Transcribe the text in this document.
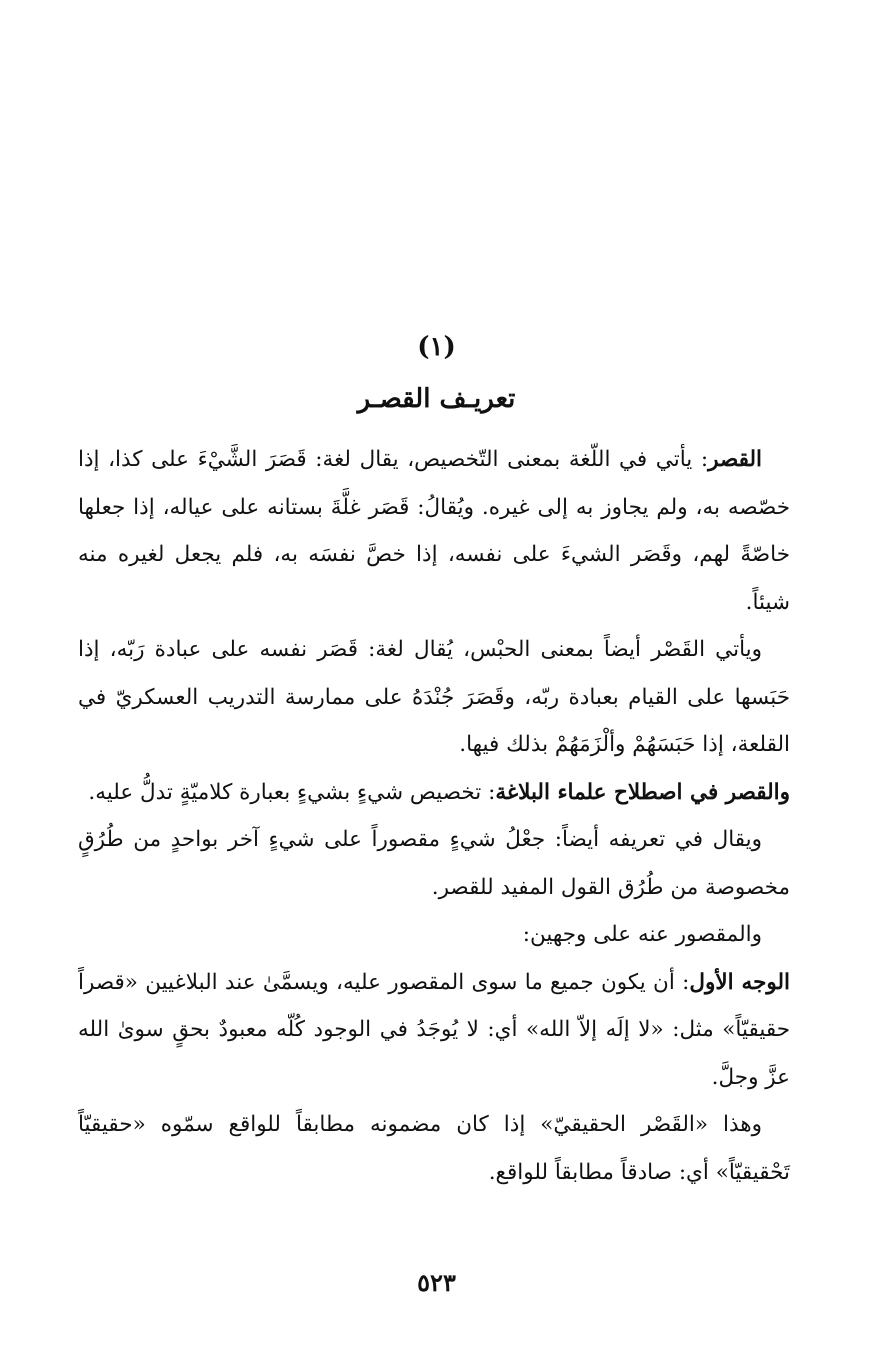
(١)
تعريـف القصـر

القصر: يأتي في اللّغة بمعنى التّخصيص، يقال لغة: قَصَرَ الشَّيْءَ على كذا، إذا خصّصه به، ولم يجاوز به إلى غيره. ويُقالُ: قَصَر غلَّةَ بستانه على عياله، إذا جعلها خاصّةً لهم، وقَصَر الشيءَ على نفسه، إذا خصَّ نفسَه به، فلم يجعل لغيره منه شيئاً.

ويأتي القَصْر أيضاً بمعنى الحبْس، يُقال لغة: قَصَر نفسه على عبادة رَبّه، إذا حَبَسها على القيام بعبادة ربّه، وقَصَرَ جُنْدَهُ على ممارسة التدريب العسكريّ في القلعة، إذا حَبَسَهُمْ وألْزَمَهُمْ بذلك فيها.

والقصر في اصطلاح علماء البلاغة: تخصيص شيءٍ بشيءٍ بعبارة كلاميّةٍ تدلُّ عليه.

ويقال في تعريفه أيضاً: جعْلُ شيءٍ مقصوراً على شيءٍ آخر بواحدٍ من طُرُقٍ مخصوصة من طُرُق القول المفيد للقصر.

والمقصور عنه على وجهين:

الوجه الأول: أن يكون جميع ما سوى المقصور عليه، ويسمَّىٰ عند البلاغيين «قصراً حقيقيّاً» مثل: «لا إلَه إلاّ الله» أي: لا يُوجَدُ في الوجود كُلّه معبودٌ بحقٍ سوىٰ الله عزَّ وجلَّ.

وهذا «القَصْر الحقيقيّ» إذا كان مضمونه مطابقاً للواقع سمّوه «حقيقيّاً تَحْقيقيّاً» أي: صادقاً مطابقاً للواقع.

٥٢٣
